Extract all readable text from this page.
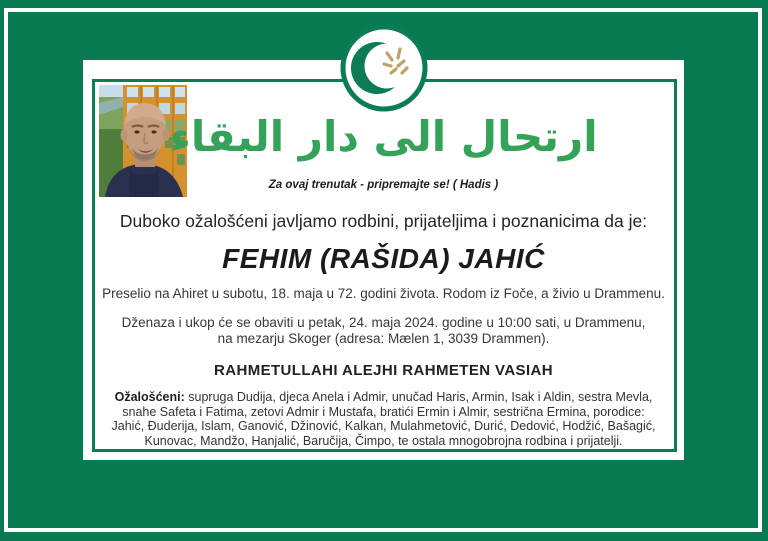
ارتحال الى دار البقاء
Za ovaj trenutak - pripremajte se! ( Hadis )
Duboko ožalošćeni javljamo rodbini, prijateljima i poznanicima da je:
FEHIM (RAŠIDA) JAHIĆ
Preselio na Ahiret u subotu, 18. maja u 72. godini života. Rodom iz Foče, a živio u Drammenu.
Dženaza i ukop će se obaviti u petak, 24. maja 2024. godine u 10:00 sati, u Drammenu,
na mezarju Skoger (adresa: Mælen 1, 3039 Drammen).
RAHMETULLAHI ALEJHI RAHMETEN VASIAH
Ožalošćeni: supruga Dudija, djeca Anela i Admir, unučad Haris, Armin, Isak i Aldin, sestra Mevla, snahe Safeta i Fatima, zetovi Admir i Mustafa, bratići Ermin i Almir, sestrična Ermina, porodice: Jahić, Đuderija, Islam, Ganović, Džinović, Kalkan, Mulahmetović, Durić, Dedović, Hodžić, Bašagić, Kunovac, Mandžo, Hanjalić, Baručija, Čimpo, te ostala mnogobrojna rodbina i prijatelji.
